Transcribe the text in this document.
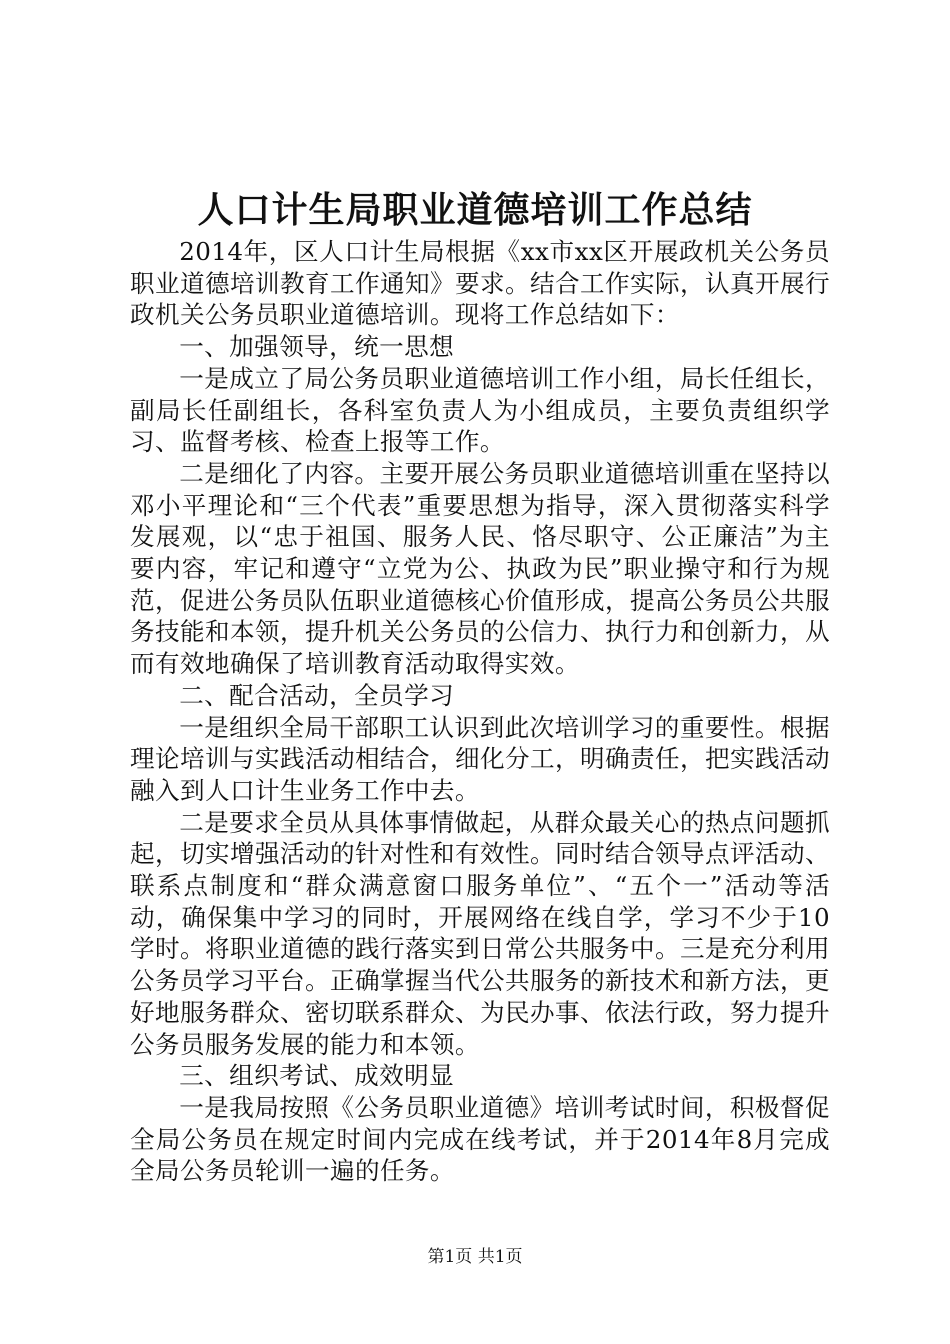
人口计生局职业道德培训工作总结

2014年，区人口计生局根据《xx市xx区开展政机关公务员职业道德培训教育工作通知》要求。结合工作实际，认真开展行政机关公务员职业道德培训。现将工作总结如下：

一、加强领导，统一思想

一是成立了局公务员职业道德培训工作小组，局长任组长，副局长任副组长，各科室负责人为小组成员，主要负责组织学习、监督考核、检查上报等工作。

二是细化了内容。主要开展公务员职业道德培训重在坚持以邓小平理论和“三个代表”重要思想为指导，深入贯彻落实科学发展观，以“忠于祖国、服务人民、恪尽职守、公正廉洁”为主要内容，牢记和遵守“立党为公、执政为民”职业操守和行为规范，促进公务员队伍职业道德核心价值形成，提高公务员公共服务技能和本领，提升机关公务员的公信力、执行力和创新力，从而有效地确保了培训教育活动取得实效。

二、配合活动，全员学习

一是组织全局干部职工认识到此次培训学习的重要性。根据理论培训与实践活动相结合，细化分工，明确责任，把实践活动融入到人口计生业务工作中去。

二是要求全员从具体事情做起，从群众最关心的热点问题抓起，切实增强活动的针对性和有效性。同时结合领导点评活动、联系点制度和“群众满意窗口服务单位”、“五个一”活动等活动，确保集中学习的同时，开展网络在线自学，学习不少于10学时。将职业道德的践行落实到日常公共服务中。三是充分利用公务员学习平台。正确掌握当代公共服务的新技术和新方法，更好地服务群众、密切联系群众、为民办事、依法行政，努力提升公务员服务发展的能力和本领。

三、组织考试、成效明显

一是我局按照《公务员职业道德》培训考试时间，积极督促全局公务员在规定时间内完成在线考试，并于2014年8月完成全局公务员轮训一遍的任务。

第1页 共1页
